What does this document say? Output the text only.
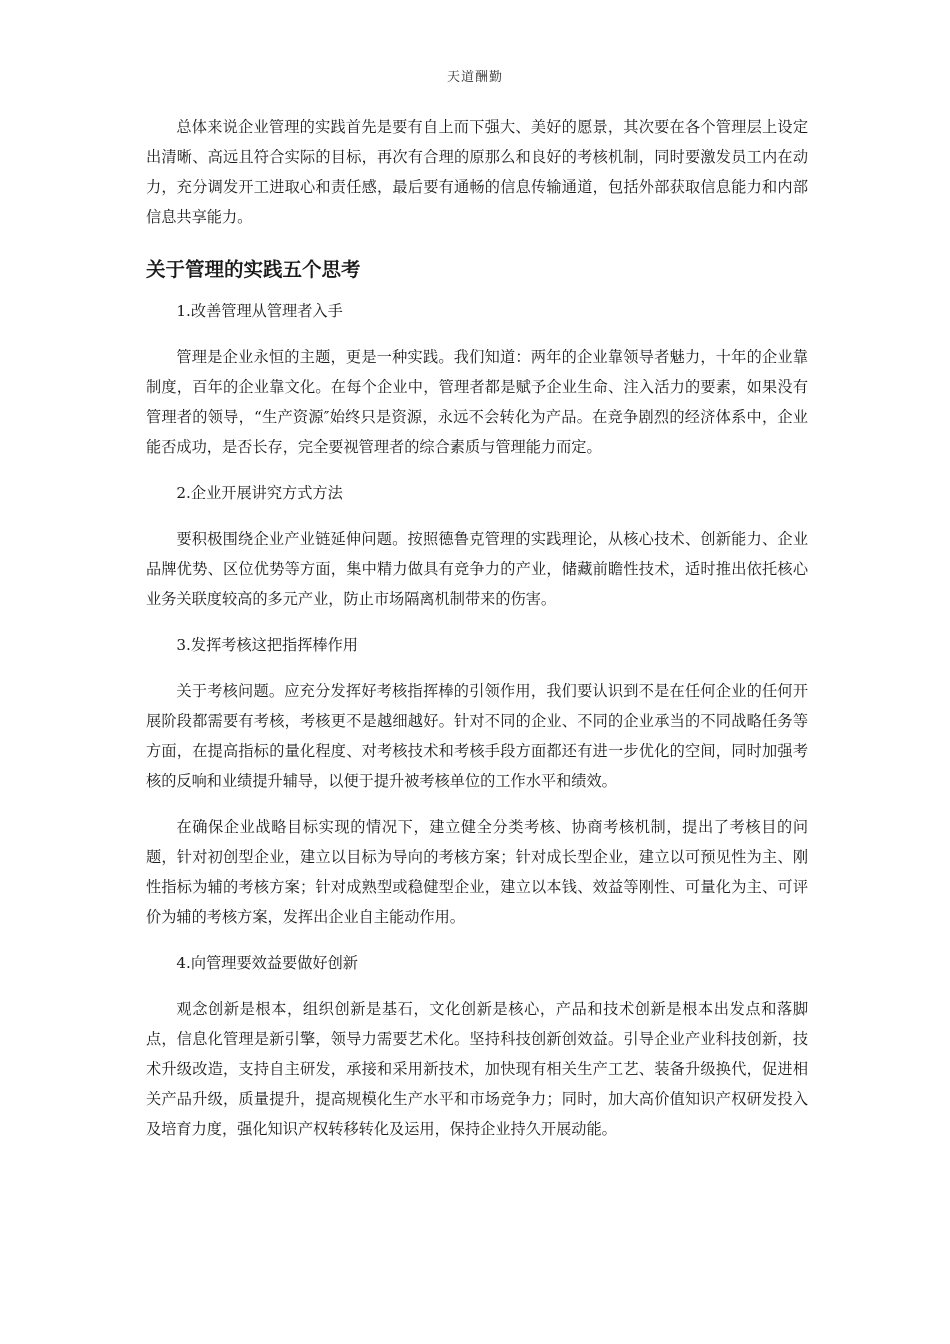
天道酬勤

总体来说企业管理的实践首先是要有自上而下强大、美好的愿景，其次要在各个管理层上设定出清晰、高远且符合实际的目标，再次有合理的原那么和良好的考核机制，同时要激发员工内在动力，充分调发开工进取心和责任感，最后要有通畅的信息传输通道，包括外部获取信息能力和内部信息共享能力。

关于管理的实践五个思考

1.改善管理从管理者入手

管理是企业永恒的主题，更是一种实践。我们知道：两年的企业靠领导者魅力，十年的企业靠制度，百年的企业靠文化。在每个企业中，管理者都是赋予企业生命、注入活力的要素，如果没有管理者的领导，“生产资源″始终只是资源，永远不会转化为产品。在竞争剧烈的经济体系中，企业能否成功，是否长存，完全要视管理者的综合素质与管理能力而定。

2.企业开展讲究方式方法

要积极围绕企业产业链延伸问题。按照德鲁克管理的实践理论，从核心技术、创新能力、企业品牌优势、区位优势等方面，集中精力做具有竞争力的产业，储藏前瞻性技术，适时推出依托核心业务关联度较高的多元产业，防止市场隔离机制带来的伤害。

3.发挥考核这把指挥棒作用

关于考核问题。应充分发挥好考核指挥棒的引领作用，我们要认识到不是在任何企业的任何开展阶段都需要有考核，考核更不是越细越好。针对不同的企业、不同的企业承当的不同战略任务等方面，在提高指标的量化程度、对考核技术和考核手段方面都还有进一步优化的空间，同时加强考核的反响和业绩提升辅导，以便于提升被考核单位的工作水平和绩效。

在确保企业战略目标实现的情况下，建立健全分类考核、协商考核机制，提出了考核目的问题，针对初创型企业，建立以目标为导向的考核方案；针对成长型企业，建立以可预见性为主、刚性指标为辅的考核方案；针对成熟型或稳健型企业，建立以本钱、效益等刚性、可量化为主、可评价为辅的考核方案，发挥出企业自主能动作用。

4.向管理要效益要做好创新

观念创新是根本，组织创新是基石，文化创新是核心，产品和技术创新是根本出发点和落脚点，信息化管理是新引擎，领导力需要艺术化。坚持科技创新创效益。引导企业产业科技创新，技术升级改造，支持自主研发，承接和采用新技术，加快现有相关生产工艺、装备升级换代，促进相关产品升级，质量提升，提高规模化生产水平和市场竞争力；同时，加大高价值知识产权研发投入及培育力度，强化知识产权转移转化及运用，保持企业持久开展动能。
